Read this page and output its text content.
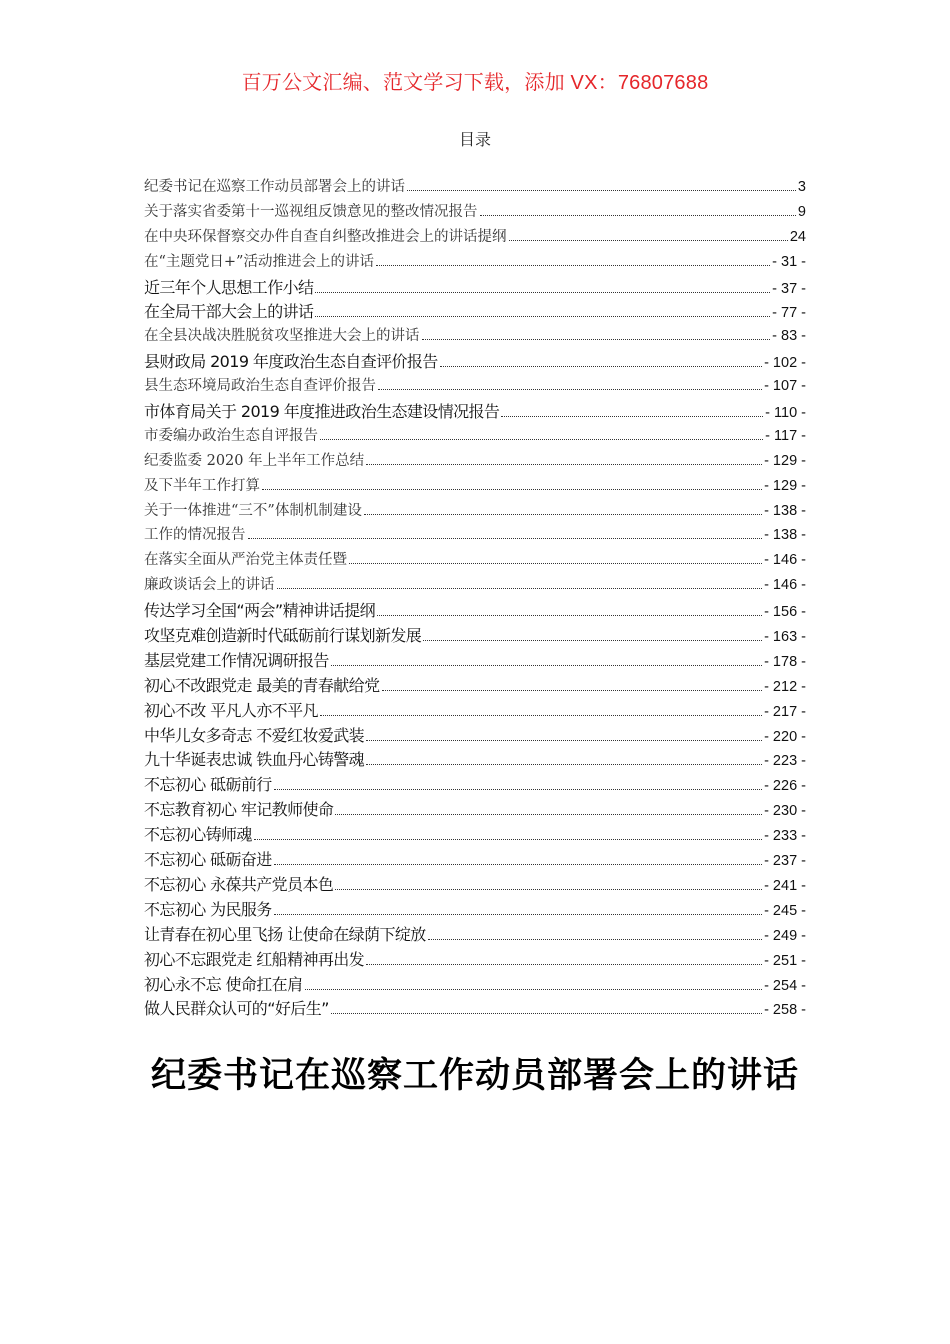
百万公文汇编、范文学习下载，添加 VX：76807688
目录
纪委书记在巡察工作动员部署会上的讲话	3
关于落实省委第十一巡视组反馈意见的整改情况报告	9
在中央环保督察交办件自查自纠整改推进会上的讲话提纲	24
在“主题党日+”活动推进会上的讲话	- 31 -
近三年个人思想工作小结	- 37 -
在全局干部大会上的讲话	- 77 -
在全县决战决胜脱贫攻坚推进大会上的讲话	- 83 -
县财政局 2019 年度政治生态自查评价报告	- 102 -
县生态环境局政治生态自查评价报告	- 107 -
市体育局关于 2019 年度推进政治生态建设情况报告	- 110 -
市委编办政治生态自评报告	- 117 -
纪委监委 2020 年上半年工作总结	- 129 -
及下半年工作打算	- 129 -
关于一体推进“三不”体制机制建设	- 138 -
工作的情况报告	- 138 -
在落实全面从严治党主体责任暨	- 146 -
廉政谈话会上的讲话	- 146 -
传达学习全国“两会”精神讲话提纲	- 156 -
攻坚克难创造新时代砥砺前行谋划新发展	- 163 -
基层党建工作情况调研报告	- 178 -
初心不改跟党走 最美的青春献给党	- 212 -
初心不改 平凡人亦不平凡	- 217 -
中华儿女多奇志 不爱红妆爱武装	- 220 -
九十华诞表忠诚 铁血丹心铸警魂	- 223 -
不忘初心 砥砺前行	- 226 -
不忘教育初心 牢记教师使命	- 230 -
不忘初心铸师魂	- 233 -
不忘初心 砥砺奋进	- 237 -
不忘初心 永葆共产党员本色	- 241 -
不忘初心 为民服务	- 245 -
让青春在初心里飞扬 让使命在绿荫下绽放	- 249 -
初心不忘跟党走 红船精神再出发	- 251 -
初心永不忘 使命扛在肩	- 254 -
做人民群众认可的“好后生”	- 258 -
纪委书记在巡察工作动员部署会上的讲话
